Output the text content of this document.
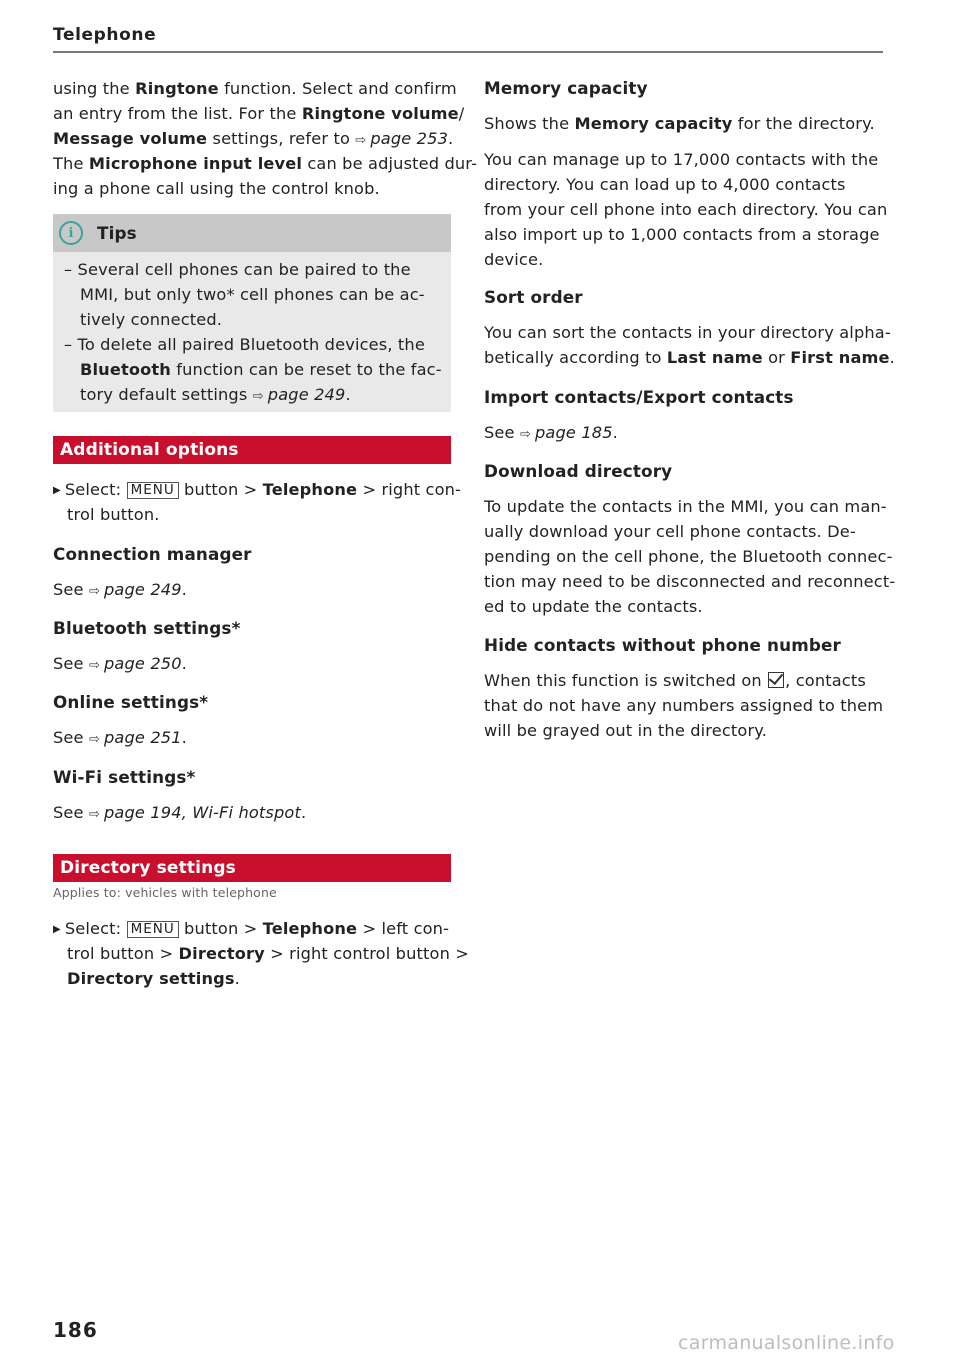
Telephone
using the Ringtone function. Select and confirm
an entry from the list. For the Ringtone volume/
Message volume settings, refer to ⇨ page 253.
The Microphone input level can be adjusted dur-
ing a phone call using the control knob.
i	Tips
– Several cell phones can be paired to the
MMI, but only two* cell phones can be ac-
tively connected.
– To delete all paired Bluetooth devices, the
Bluetooth function can be reset to the fac-
tory default settings ⇨ page 249.
Additional options
▶ Select: MENU button > Telephone > right con-
trol button.
Connection manager
See ⇨ page 249.
Bluetooth settings*
See ⇨ page 250.
Online settings*
See ⇨ page 251.
Wi-Fi settings*
See ⇨ page 194, Wi-Fi hotspot.
Directory settings
Applies to: vehicles with telephone
▶ Select: MENU button > Telephone > left con-
trol button > Directory > right control button >
Directory settings.
Memory capacity
Shows the Memory capacity for the directory.
You can manage up to 17,000 contacts with the
directory. You can load up to 4,000 contacts
from your cell phone into each directory. You can
also import up to 1,000 contacts from a storage
device.
Sort order
You can sort the contacts in your directory alpha-
betically according to Last name or First name.
Import contacts/Export contacts
See ⇨ page 185.
Download directory
To update the contacts in the MMI, you can man-
ually download your cell phone contacts. De-
pending on the cell phone, the Bluetooth connec-
tion may need to be disconnected and reconnect-
ed to update the contacts.
Hide contacts without phone number
When this function is switched on , contacts
that do not have any numbers assigned to them
will be grayed out in the directory.
186
carmanualsonline.info
